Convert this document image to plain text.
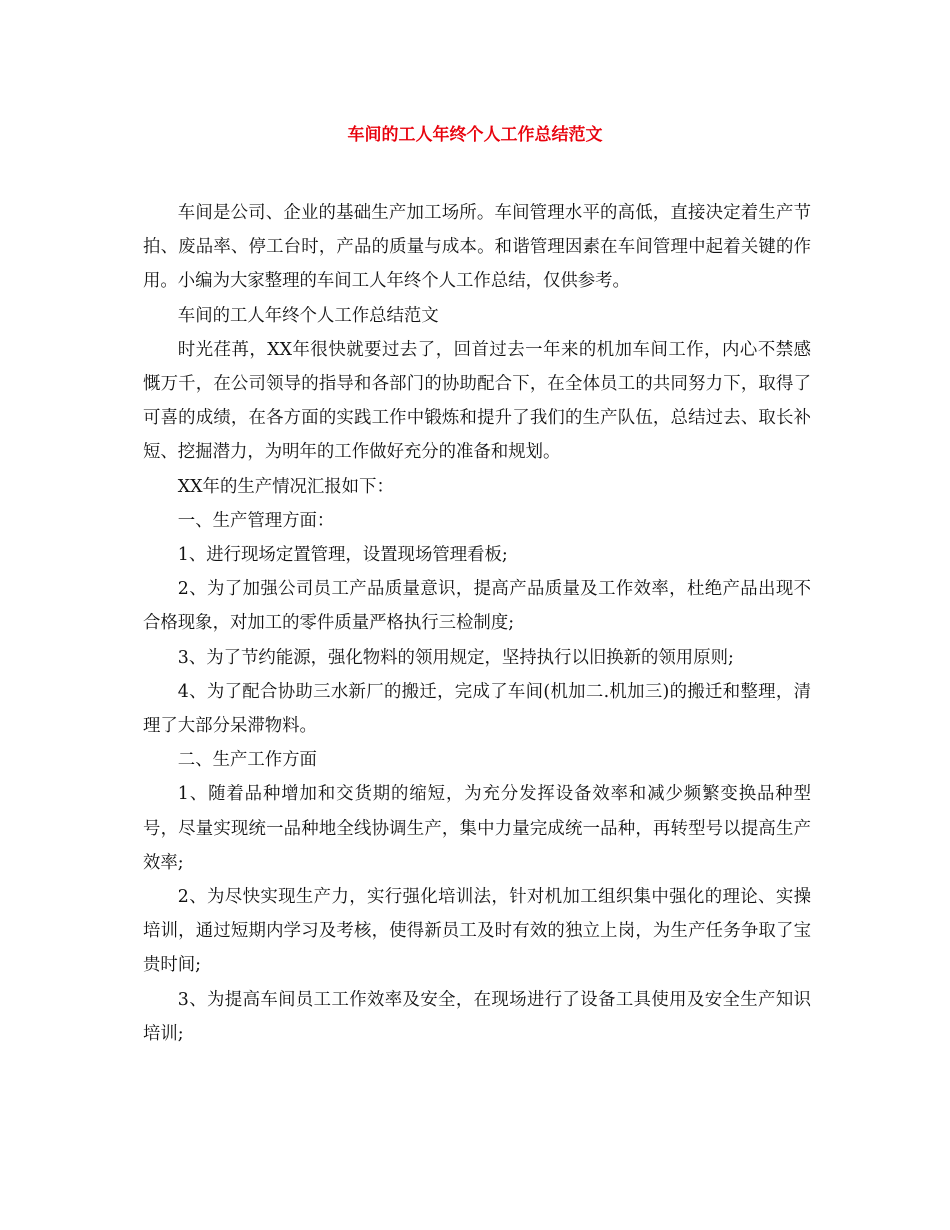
车间的工人年终个人工作总结范文

车间是公司、企业的基础生产加工场所。车间管理水平的高低，直接决定着生产节拍、废品率、停工台时，产品的质量与成本。和谐管理因素在车间管理中起着关键的作用。小编为大家整理的车间工人年终个人工作总结，仅供参考。

车间的工人年终个人工作总结范文

时光荏苒，XX年很快就要过去了，回首过去一年来的机加车间工作，内心不禁感慨万千，在公司领导的指导和各部门的协助配合下，在全体员工的共同努力下，取得了可喜的成绩，在各方面的实践工作中锻炼和提升了我们的生产队伍，总结过去、取长补短、挖掘潜力，为明年的工作做好充分的准备和规划。

XX年的生产情况汇报如下：

一、生产管理方面：

1、进行现场定置管理，设置现场管理看板;

2、为了加强公司员工产品质量意识，提高产品质量及工作效率，杜绝产品出现不合格现象，对加工的零件质量严格执行三检制度;

3、为了节约能源，强化物料的领用规定，坚持执行以旧换新的领用原则;

4、为了配合协助三水新厂的搬迁，完成了车间(机加二.机加三)的搬迁和整理，清理了大部分呆滞物料。

二、生产工作方面

1、随着品种增加和交货期的缩短，为充分发挥设备效率和减少频繁变换品种型号，尽量实现统一品种地全线协调生产，集中力量完成统一品种，再转型号以提高生产效率;

2、为尽快实现生产力，实行强化培训法，针对机加工组织集中强化的理论、实操培训，通过短期内学习及考核，使得新员工及时有效的独立上岗，为生产任务争取了宝贵时间;

3、为提高车间员工工作效率及安全，在现场进行了设备工具使用及安全生产知识培训;
